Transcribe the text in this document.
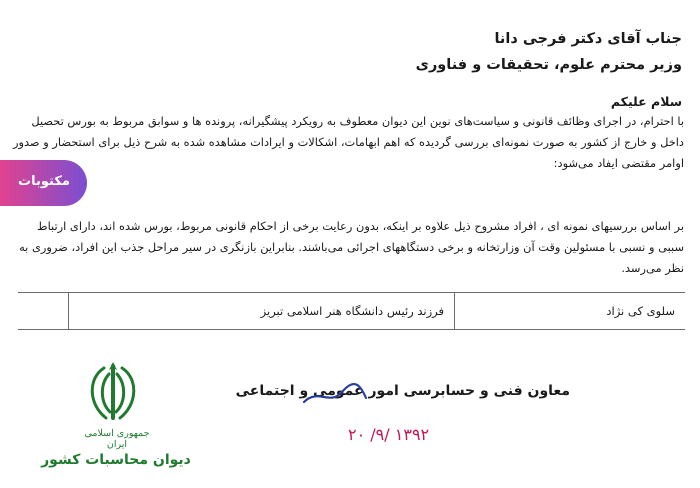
جناب آقای دکتر فرجی دانا
وزیر محترم علوم، تحقیقات و فناوری
سلام علیکم
با احترام، در اجرای وظائف قانونی و سیاست‌های نوین این دیوان معطوف به رویکرد پیشگیرانه، پرونده ها و سوابق مربوط به بورس تحصیل داخل و خارج از کشور به صورت نمونه‌ای بررسی گردیده که اهم ابهامات، اشکالات و ایرادات مشاهده شده به شرح ذیل برای استحضار و صدور اوامر مقتضی ایفاد می‌شود:
بر اساس بررسیهای نمونه ای ، افراد مشروح ذیل علاوه بر اینکه، بدون رعایت برخی از احکام قانونی مربوط، بورس شده اند، دارای ارتباط سببی و نسبی با مسئولین وقت آن وزارتخانه و برخی دستگاههای اجرائی می‌باشند. بنابراین بازنگری در سیر مراحل جذب این افراد، ضروری به نظر می‌رسد.
مکتوبات
سلوی کی نژاد	فرزند رئیس دانشگاه هنر اسلامی تبریز	
معاون فنی و حسابرسی امور عمومی و اجتماعی
۱۳۹۲ /۹/ ۲۰
جمهوری اسلامی ایران
دیوان محاسبات کشور
